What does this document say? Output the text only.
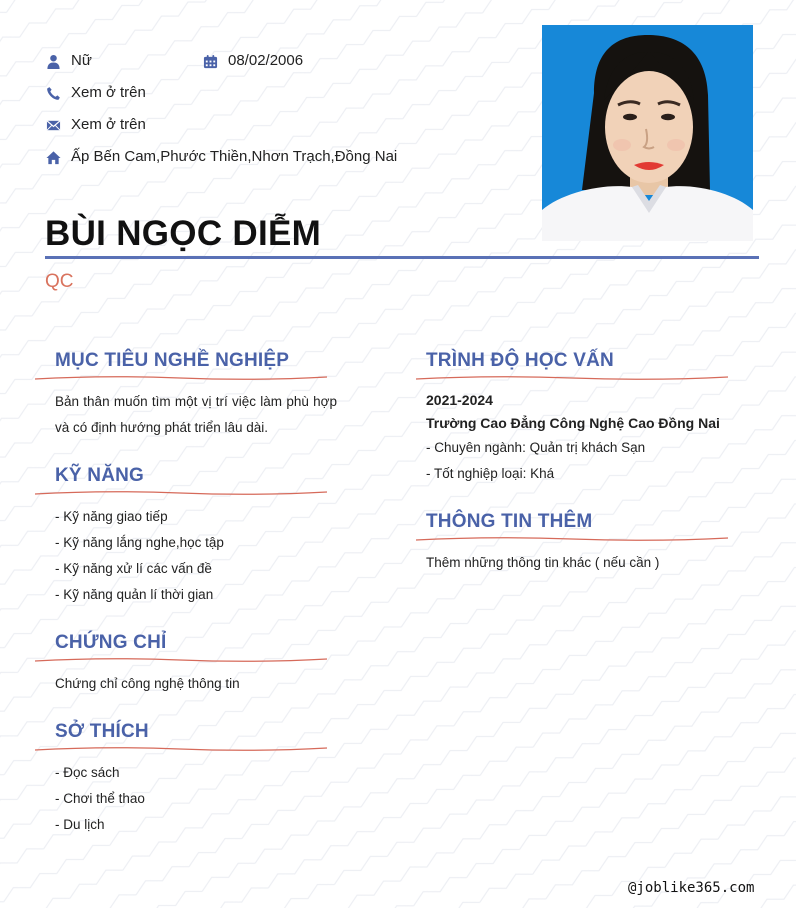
Nữ	08/02/2006
Xem ở trên
Xem ở trên
Ấp Bến Cam,Phước Thiền,Nhơn Trạch,Đồng Nai
BÙI NGỌC DIỄM
QC
MỤC TIÊU NGHỀ NGHIỆP
Bản thân muốn tìm một vị trí việc làm phù hợp và có định hướng phát triển lâu dài.
KỸ NĂNG
- Kỹ năng giao tiếp
- Kỹ năng lắng nghe,học tập
- Kỹ năng xử lí các vấn đề
- Kỹ năng quản lí thời gian
CHỨNG CHỈ
Chứng chỉ công nghệ thông tin
SỞ THÍCH
- Đọc sách
- Chơi thể thao
- Du lịch
TRÌNH ĐỘ HỌC VẤN
2021-2024
Trường Cao Đẳng Công Nghệ Cao Đồng Nai
- Chuyên ngành: Quản trị khách Sạn
- Tốt nghiệp loại: Khá
THÔNG TIN THÊM
Thêm những thông tin khác ( nếu cần )
@joblike365.com
